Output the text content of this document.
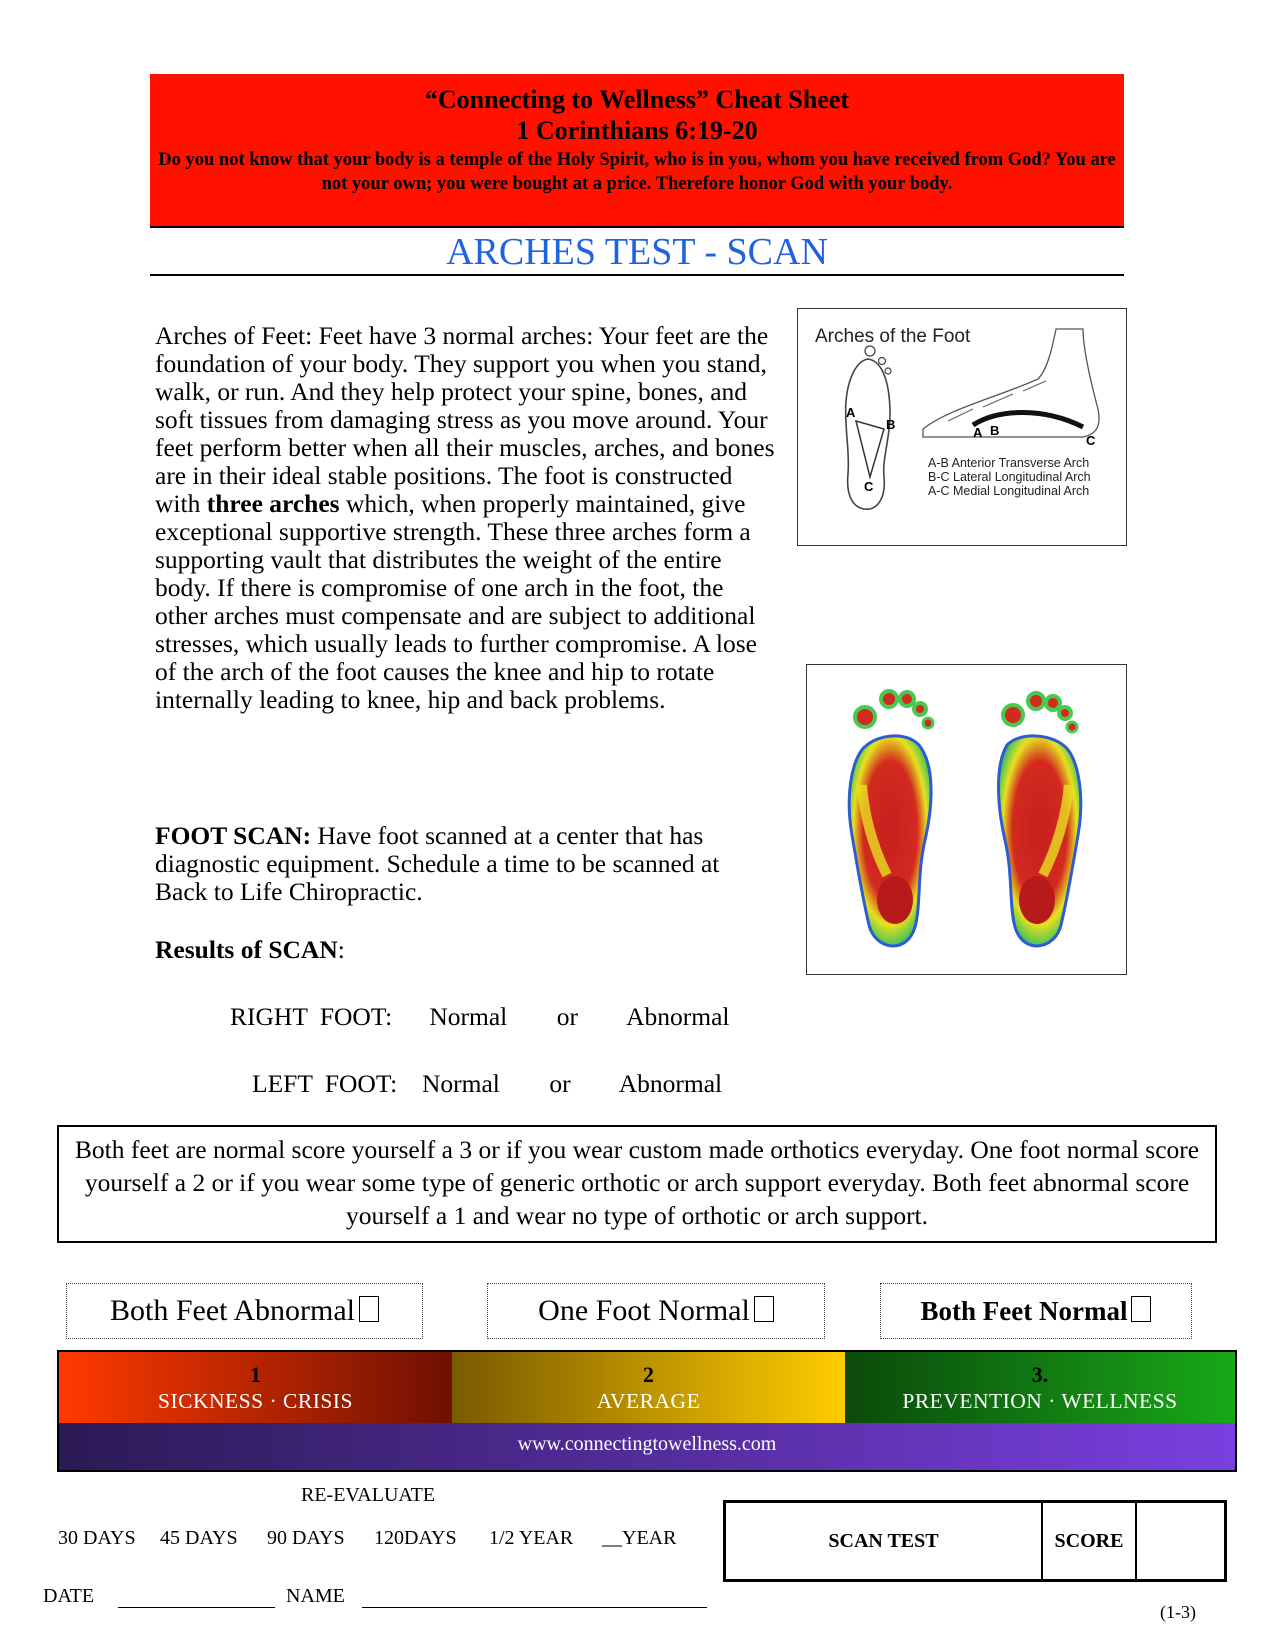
“Connecting to Wellness” Cheat Sheet
1 Corinthians 6:19-20
Do you not know that your body is a temple of the Holy Spirit, who is in you, whom you have received from God? You are not your own; you were bought at a price. Therefore honor God with your body.
ARCHES TEST - SCAN
Arches of Feet: Feet have 3 normal arches: Your feet are the foundation of your body. They support you when you stand, walk, or run. And they help protect your spine, bones, and soft tissues from damaging stress as you move around. Your feet perform better when all their muscles, arches, and bones are in their ideal stable positions. The foot is constructed with three arches which, when properly maintained, give exceptional supportive strength. These three arches form a supporting vault that distributes the weight of the entire body. If there is compromise of one arch in the foot, the other arches must compensate and are subject to additional stresses, which usually leads to further compromise. A lose of the arch of the foot causes the knee and hip to rotate internally leading to knee, hip and back problems.
FOOT SCAN: Have foot scanned at a center that has diagnostic equipment. Schedule a time to be scanned at Back to Life Chiropractic.
Results of SCAN:
RIGHT FOOT:   Normal    or    Abnormal
LEFT FOOT:  Normal    or    Abnormal
Arches of the Foot
A
B
C
A B
C
A-B Anterior Transverse Arch
B-C Lateral Longitudinal Arch
A-C Medial Longitudinal Arch
Both feet are normal score yourself a 3 or if you wear custom made orthotics everyday. One foot normal score yourself a 2 or if you wear some type of generic orthotic or arch support everyday. Both feet abnormal score yourself a 1 and wear no type of orthotic or arch support.
Both Feet Abnormal	One Foot Normal	Both Feet Normal
1
SICKNESS · CRISIS
2
AVERAGE
3.
PREVENTION · WELLNESS
www.connectingtowellness.com
RE-EVALUATE
30 DAYS 45 DAYS 90 DAYS 120DAYS 1/2 YEAR __YEAR	SCAN TEST	SCORE
DATE	NAME
(1-3)
